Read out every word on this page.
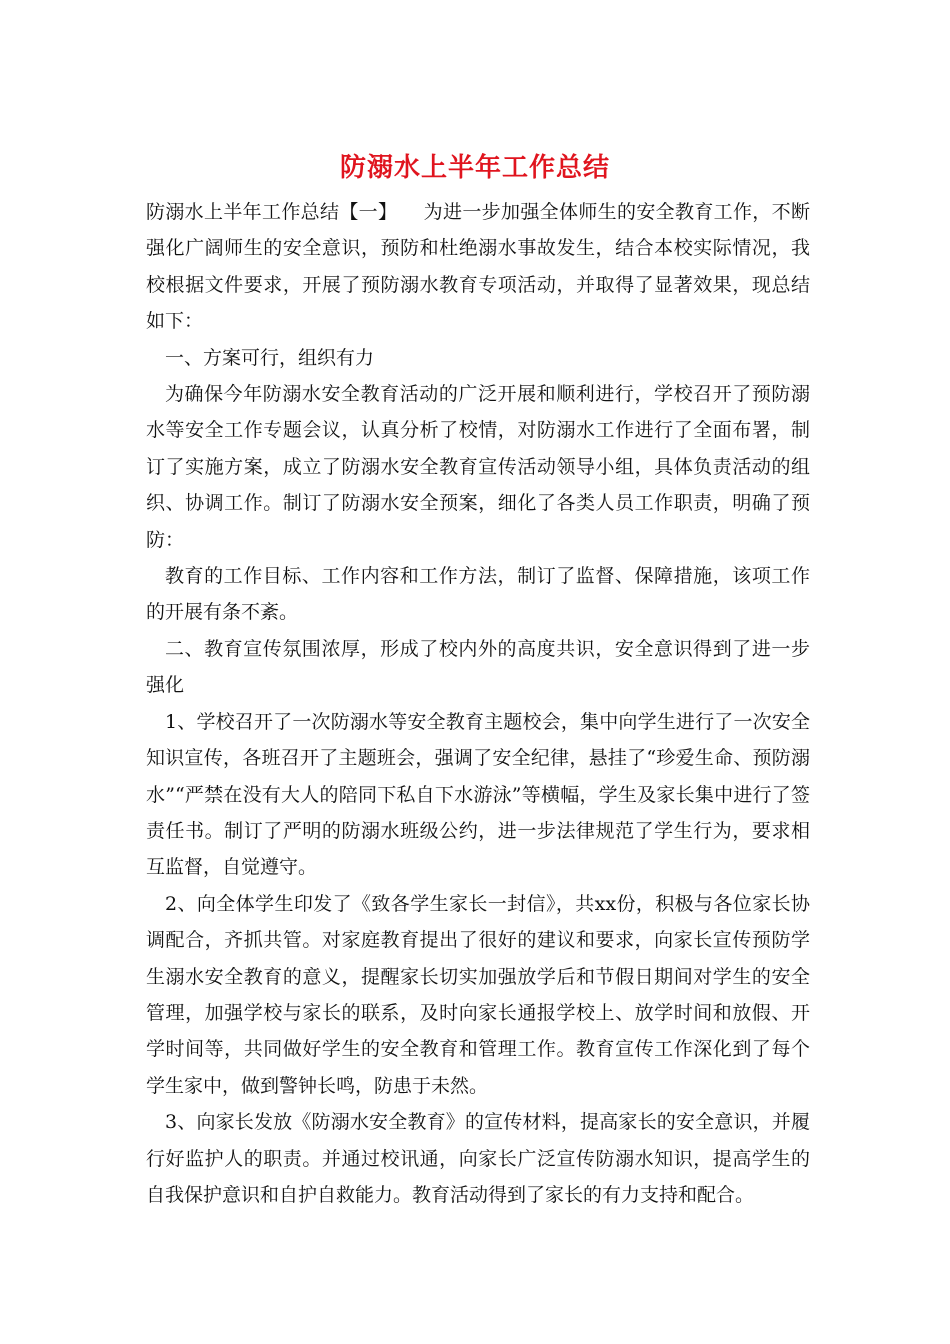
防溺水上半年工作总结

防溺水上半年工作总结【一】 为进一步加强全体师生的安全教育工作，不断强化广阔师生的安全意识，预防和杜绝溺水事故发生，结合本校实际情况，我校根据文件要求，开展了预防溺水教育专项活动，并取得了显著效果，现总结如下：

一、方案可行，组织有力

为确保今年防溺水安全教育活动的广泛开展和顺利进行，学校召开了预防溺水等安全工作专题会议，认真分析了校情，对防溺水工作进行了全面布署，制订了实施方案，成立了防溺水安全教育宣传活动领导小组，具体负责活动的组织、协调工作。制订了防溺水安全预案，细化了各类人员工作职责，明确了预防：

教育的工作目标、工作内容和工作方法，制订了监督、保障措施，该项工作的开展有条不紊。

二、教育宣传氛围浓厚，形成了校内外的高度共识，安全意识得到了进一步强化

1、学校召开了一次防溺水等安全教育主题校会，集中向学生进行了一次安全知识宣传，各班召开了主题班会，强调了安全纪律，悬挂了“珍爱生命、预防溺水”“严禁在没有大人的陪同下私自下水游泳”等横幅，学生及家长集中进行了签责任书。制订了严明的防溺水班级公约，进一步法律规范了学生行为，要求相互监督，自觉遵守。

2、向全体学生印发了《致各学生家长一封信》，共xx份，积极与各位家长协调配合，齐抓共管。对家庭教育提出了很好的建议和要求，向家长宣传预防学生溺水安全教育的意义，提醒家长切实加强放学后和节假日期间对学生的安全管理，加强学校与家长的联系，及时向家长通报学校上、放学时间和放假、开学时间等，共同做好学生的安全教育和管理工作。教育宣传工作深化到了每个学生家中，做到警钟长鸣，防患于未然。

3、向家长发放《防溺水安全教育》的宣传材料，提高家长的安全意识，并履行好监护人的职责。并通过校讯通，向家长广泛宣传防溺水知识，提高学生的自我保护意识和自护自救能力。教育活动得到了家长的有力支持和配合。
